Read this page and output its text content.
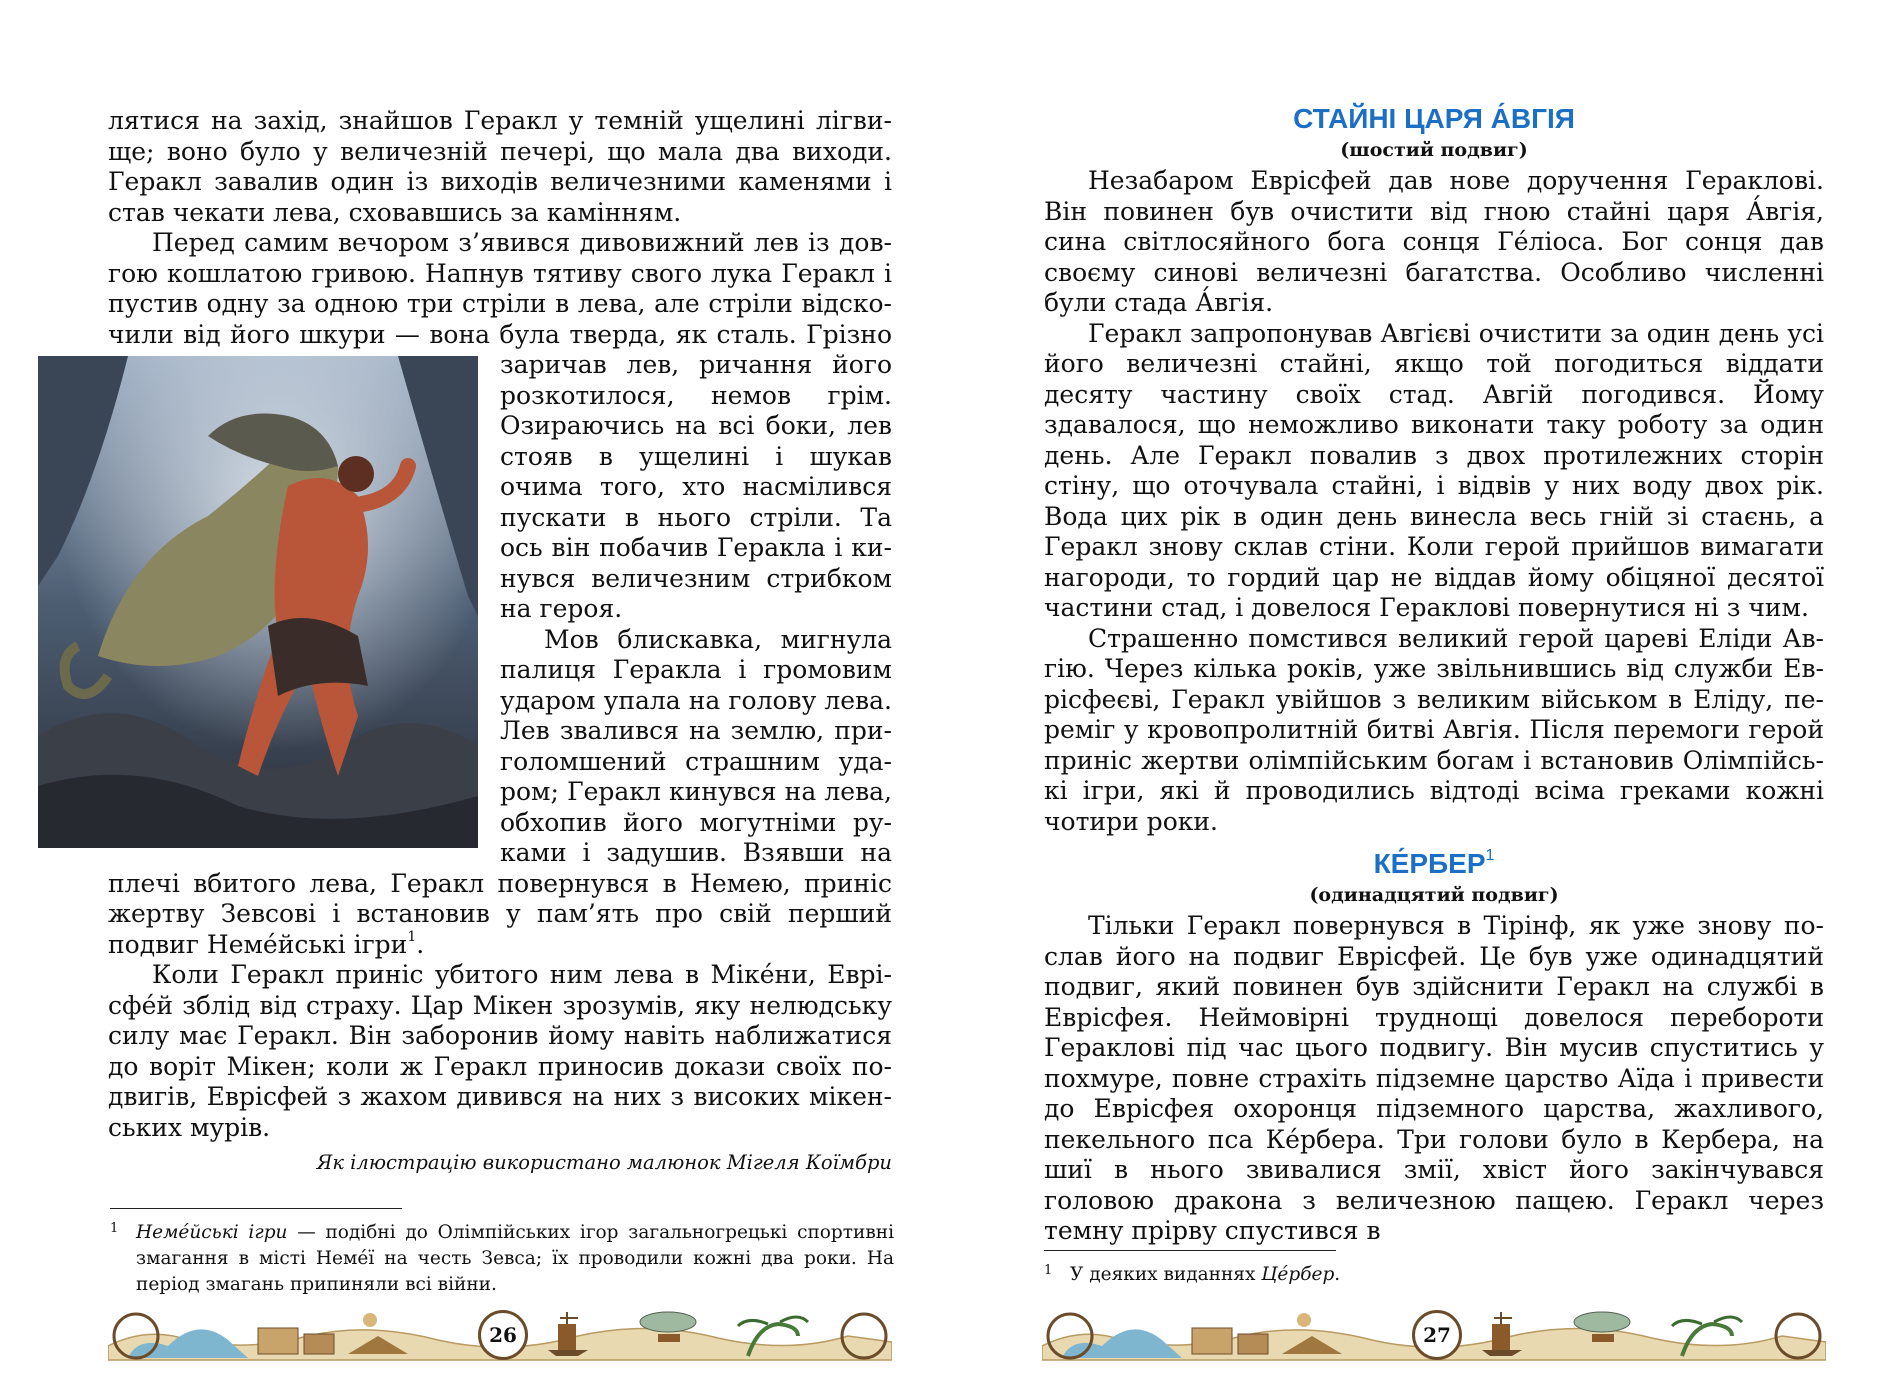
лятися на захід, знайшов Геракл у темній ущелині лігвище; воно було у величезній печері, що мала два виходи. Геракл завалив один із виходів величезними каменями і став чекати лева, сховавшись за камінням.

Перед самим вечором з’явився дивовижний лев із довгою кошлатою гривою. Напнув тятиву свого лука Геракл і пустив одну за одною три стріли в лева, але стріли відскочили від його шкури — вона була тверда, як сталь. Грізно
заричав лев, ричання його розкотилося, немов грім. Озираючись на всі боки, лев стояв в ущелині і шукав очима того, хто насмілився пускати в нього стріли. Та ось він побачив Геракла і кинувся величезним стрибком на героя.

Мов блискавка, мигнула палиця Геракла і громовим ударом упала на голову лева. Лев звалився на землю, приголомшений страшним ударом; Геракл кинувся на лева, обхопив його могутніми руками і задушив. Взявши на плечі вбитого лева, Геракл повернувся в Немею, приніс жертву Зевсові і встановив у пам’ять про свій перший подвиг Неме́йські ігри$^1$.

Коли Геракл приніс убитого ним лева в Міке́ни, Еврісфе́й зблід від страху. Цар Мікен зрозумів, яку нелюдську силу має Геракл. Він заборонив йому навіть наближатися до воріт Мікен; коли ж Геракл приносив докази своїх подвигів, Еврісфей з жахом дивився на них з високих мікенських мурів.

Як ілюстрацію використано малюнок Мігеля Коїмбри
1 Неме́йські ігри — подібні до Олімпійських ігор загальногрецькі спортивні змагання в місті Неме́ї на честь Зевса; їх проводили кожні два роки. На період змагань припиняли всі війни.
26
СТАЙНІ ЦАРЯ А́ВГІЯ
(шостий подвиг)

Незабаром Еврісфей дав нове доручення Гераклові. Він повинен був очистити від гною стайні царя А́вгія, сина світлосяйного бога сонця Ге́ліоса. Бог сонця дав своєму синові величезні багатства. Особливо численні були стада А́вгія.

Геракл запропонував Авгієві очистити за один день усі його величезні стайні, якщо той погодиться віддати десяту частину своїх стад. Авгій погодився. Йому здавалося, що неможливо виконати таку роботу за один день. Але Геракл повалив з двох протилежних сторін стіну, що оточувала стайні, і відвів у них воду двох рік. Вода цих рік в один день винесла весь гній зі стаєнь, а Геракл знову склав стіни. Коли герой прийшов вимагати нагороди, то гордий цар не віддав йому обіцяної десятої частини стад, і довелося Гераклові повернутися ні з чим.

Страшенно помстився великий герой цареві Еліди Авгію. Через кілька років, уже звільнившись від служби Еврісфеєві, Геракл увійшов з великим військом в Еліду, переміг у кровопролитній битві Авгія. Після перемоги герой приніс жертви олімпійським богам і встановив Олімпійські ігри, які й проводились відтоді всіма греками кожні чотири роки.

КЕ́РБЕР$^1$
(одинадцятий подвиг)

Тільки Геракл повернувся в Тірінф, як уже знову послав його на подвиг Еврісфей. Це був уже одинадцятий подвиг, який повинен був здійснити Геракл на службі в Еврісфея. Неймовірні труднощі довелося перебороти Гераклові під час цього подвигу. Він мусив спуститись у похмуре, повне страхіть підземне царство Аїда і привести до Еврісфея охоронця підземного царства, жахливого, пекельного пса Ке́рбера. Три голови було в Кербера, на шиї в нього звивалися змії, хвіст його закінчувався головою дракона з величезною пащею. Геракл через темну прірву спустився в

1 У деяких виданнях Це́рбер.
27
